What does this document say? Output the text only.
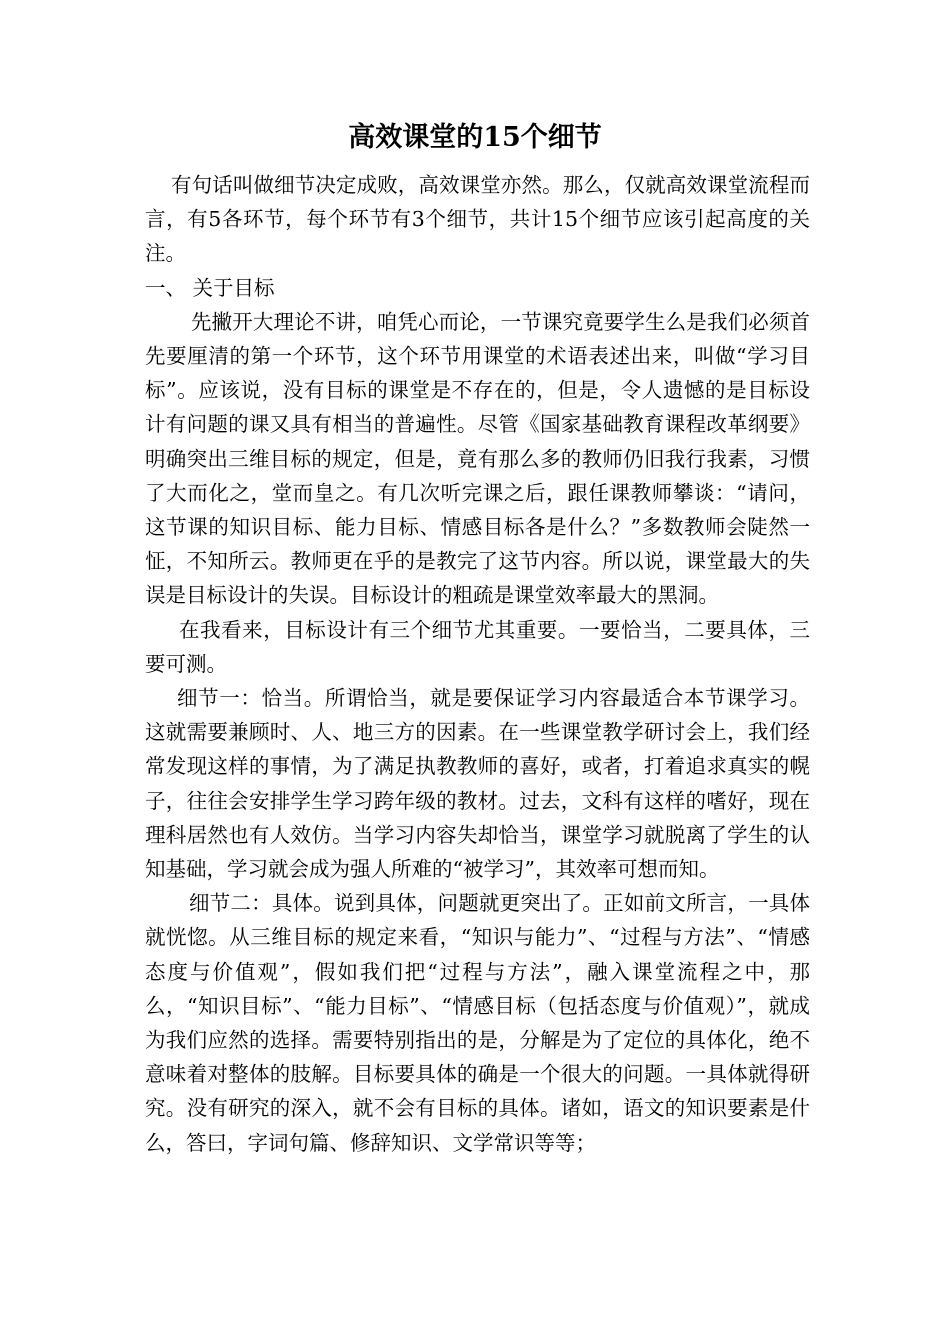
高效课堂的15个细节

有句话叫做细节决定成败，高效课堂亦然。那么，仅就高效课堂流程而言，有5各环节，每个环节有3个细节，共计15个细节应该引起高度的关注。

一、 关于目标

先撇开大理论不讲，咱凭心而论，一节课究竟要学生么是我们必须首先要厘清的第一个环节，这个环节用课堂的术语表述出来，叫做“学习目标”。应该说，没有目标的课堂是不存在的，但是，令人遗憾的是目标设计有问题的课又具有相当的普遍性。尽管《国家基础教育课程改革纲要》明确突出三维目标的规定，但是，竟有那么多的教师仍旧我行我素，习惯了大而化之，堂而皇之。有几次听完课之后，跟任课教师攀谈：“请问，这节课的知识目标、能力目标、情感目标各是什么？”多数教师会陡然一怔，不知所云。教师更在乎的是教完了这节内容。所以说，课堂最大的失误是目标设计的失误。目标设计的粗疏是课堂效率最大的黑洞。

在我看来，目标设计有三个细节尤其重要。一要恰当，二要具体，三要可测。

细节一：恰当。所谓恰当，就是要保证学习内容最适合本节课学习。这就需要兼顾时、人、地三方的因素。在一些课堂教学研讨会上，我们经常发现这样的事情，为了满足执教教师的喜好，或者，打着追求真实的幌子，往往会安排学生学习跨年级的教材。过去，文科有这样的嗜好，现在理科居然也有人效仿。当学习内容失却恰当，课堂学习就脱离了学生的认知基础，学习就会成为强人所难的“被学习”，其效率可想而知。

细节二：具体。说到具体，问题就更突出了。正如前文所言，一具体就恍惚。从三维目标的规定来看，“知识与能力”、“过程与方法”、“情感态度与价值观”，假如我们把“过程与方法”，融入课堂流程之中，那么，“知识目标”、“能力目标”、“情感目标（包括态度与价值观）”，就成为我们应然的选择。需要特别指出的是，分解是为了定位的具体化，绝不意味着对整体的肢解。目标要具体的确是一个很大的问题。一具体就得研究。没有研究的深入，就不会有目标的具体。诸如，语文的知识要素是什么，答曰，字词句篇、修辞知识、文学常识等等；
